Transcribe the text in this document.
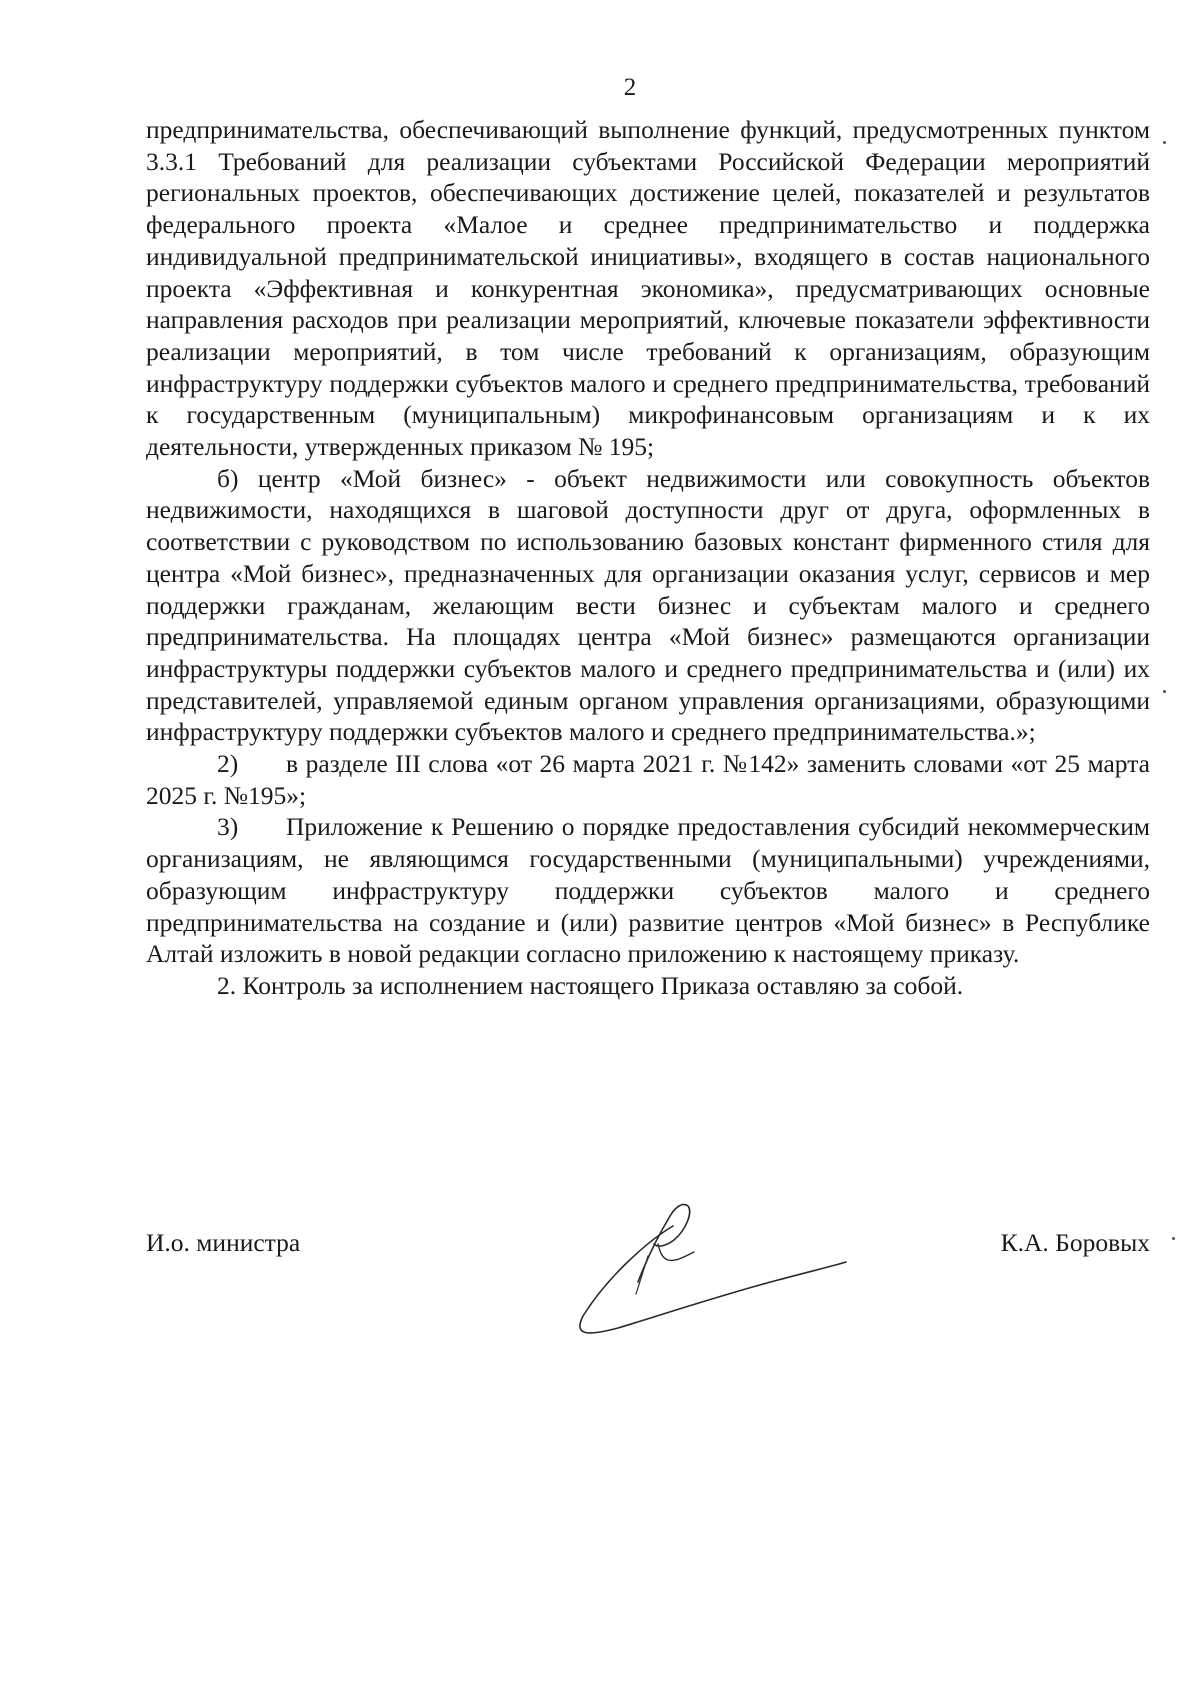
2

предпринимательства, обеспечивающий выполнение функций, предусмотренных пунктом 3.3.1 Требований для реализации субъектами Российской Федерации мероприятий региональных проектов, обеспечивающих достижение целей, показателей и результатов федерального проекта «Малое и среднее предпринимательство и поддержка индивидуальной предпринимательской инициативы», входящего в состав национального проекта «Эффективная и конкурентная экономика», предусматривающих основные направления расходов при реализации мероприятий, ключевые показатели эффективности реализации мероприятий, в том числе требований к организациям, образующим инфраструктуру поддержки субъектов малого и среднего предпринимательства, требований к государственным (муниципальным) микрофинансовым организациям и к их деятельности, утвержденных приказом № 195;

б) центр «Мой бизнес» - объект недвижимости или совокупность объектов недвижимости, находящихся в шаговой доступности друг от друга, оформленных в соответствии с руководством по использованию базовых констант фирменного стиля для центра «Мой бизнес», предназначенных для организации оказания услуг, сервисов и мер поддержки гражданам, желающим вести бизнес и субъектам малого и среднего предпринимательства. На площадях центра «Мой бизнес» размещаются организации инфраструктуры поддержки субъектов малого и среднего предпринимательства и (или) их представителей, управляемой единым органом управления организациями, образующими инфраструктуру поддержки субъектов малого и среднего предпринимательства.»;

2) в разделе III слова «от 26 марта 2021 г. №142» заменить словами «от 25 марта 2025 г. №195»;

3) Приложение к Решению о порядке предоставления субсидий некоммерческим организациям, не являющимся государственными (муниципальными) учреждениями, образующим инфраструктуру поддержки субъектов малого и среднего предпринимательства на создание и (или) развитие центров «Мой бизнес» в Республике Алтай изложить в новой редакции согласно приложению к настоящему приказу.

2. Контроль за исполнением настоящего Приказа оставляю за собой.

И.о. министра	К.А. Боровых
